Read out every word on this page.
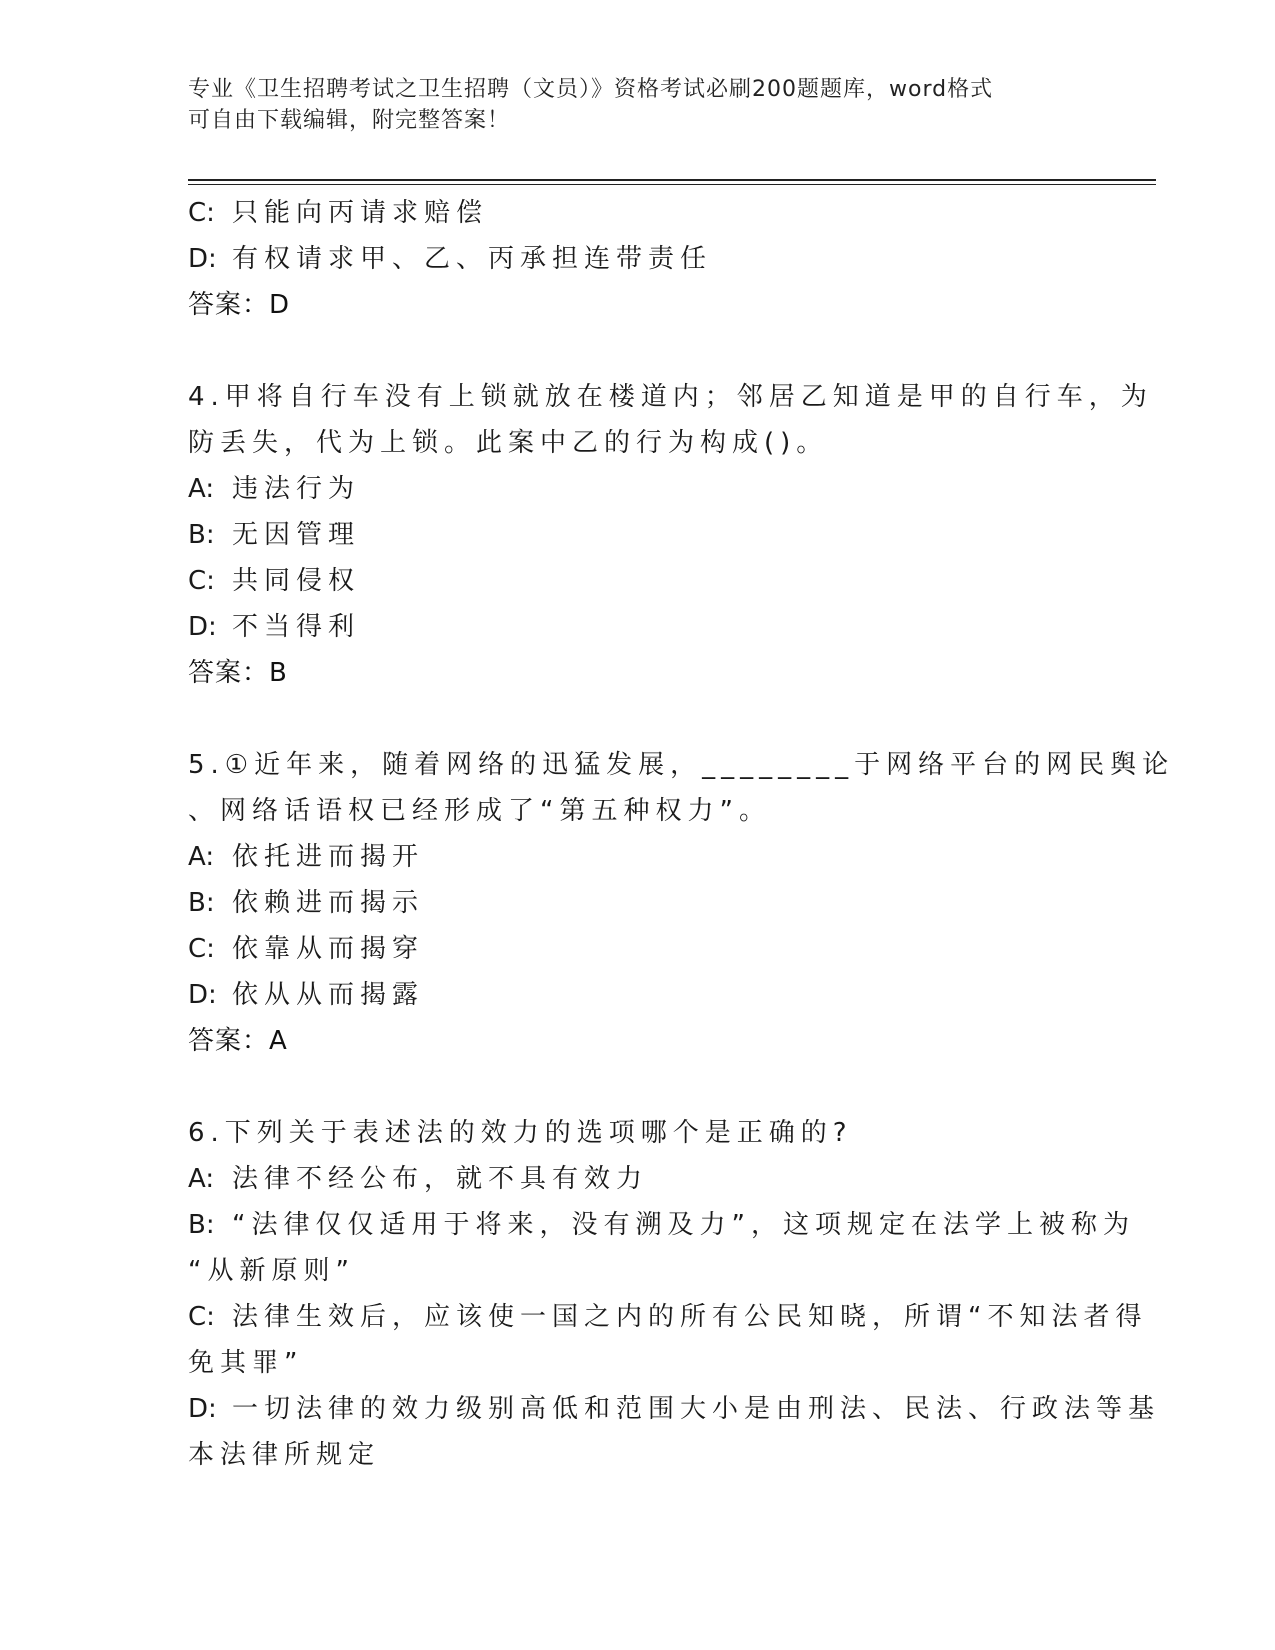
专业《卫生招聘考试之卫生招聘（文员）》资格考试必刷200题题库，word格式
可自由下载编辑，附完整答案！
C: 只能向丙请求赔偿
D: 有权请求甲、乙、丙承担连带责任
答案：D
4.甲将自行车没有上锁就放在楼道内；邻居乙知道是甲的自行车，为
防丢失，代为上锁。此案中乙的行为构成()。
A: 违法行为
B: 无因管理
C: 共同侵权
D: 不当得利
答案：B
5.①近年来，随着网络的迅猛发展，________于网络平台的网民舆论
、网络话语权已经形成了“第五种权力”。
A: 依托进而揭开
B: 依赖进而揭示
C: 依靠从而揭穿
D: 依从从而揭露
答案：A
6.下列关于表述法的效力的选项哪个是正确的?
A: 法律不经公布，就不具有效力
B: “法律仅仅适用于将来，没有溯及力”，这项规定在法学上被称为
“从新原则”
C: 法律生效后，应该使一国之内的所有公民知晓，所谓“不知法者得
免其罪”
D: 一切法律的效力级别高低和范围大小是由刑法、民法、行政法等基
本法律所规定
